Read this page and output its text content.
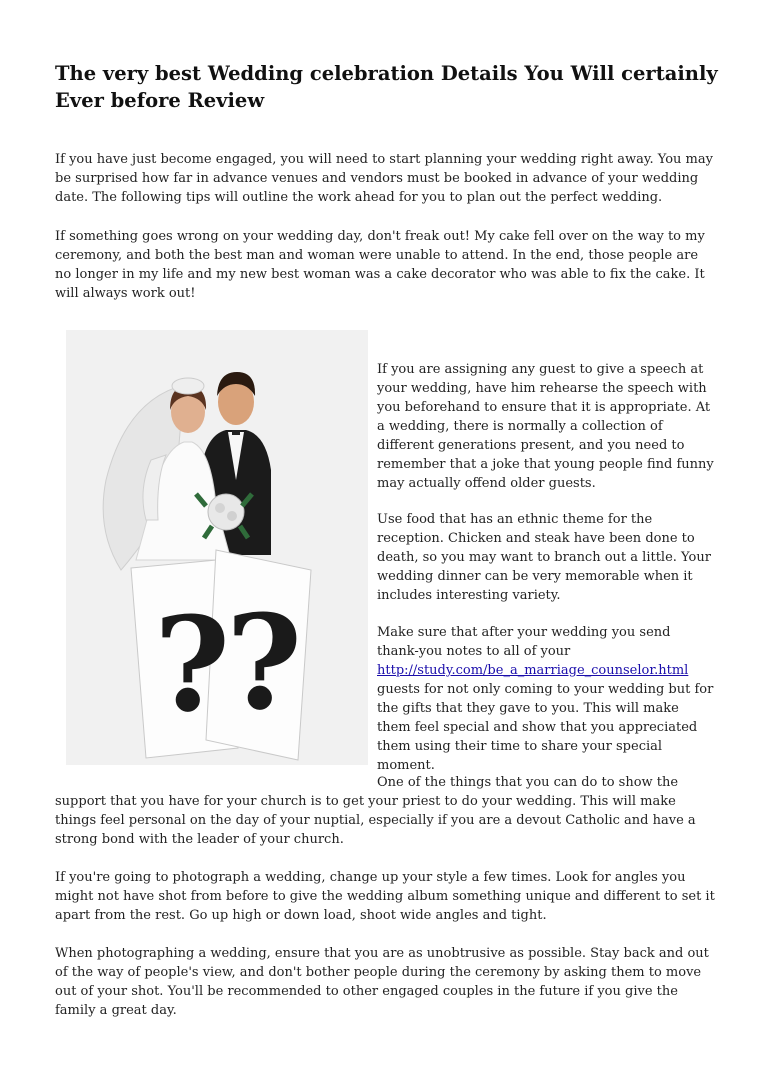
The very best Wedding celebration Details You Will certainly Ever before Review

If you have just become engaged, you will need to start planning your wedding right away. You may be surprised how far in advance venues and vendors must be booked in advance of your wedding date. The following tips will outline the work ahead for you to plan out the perfect wedding.

If something goes wrong on your wedding day, don't freak out! My cake fell over on the way to my ceremony, and both the best man and woman were unable to attend. In the end, those people are no longer in my life and my new best woman was a cake decorator who was able to fix the cake. It will always work out!

?
?

If you are assigning any guest to give a speech at your wedding, have him rehearse the speech with you beforehand to ensure that it is appropriate. At a wedding, there is normally a collection of different generations present, and you need to remember that a joke that young people find funny may actually offend older guests.

Use food that has an ethnic theme for the reception. Chicken and steak have been done to death, so you may want to branch out a little. Your wedding dinner can be very memorable when it includes interesting variety.

Make sure that after your wedding you send thank-you notes to all of your http://study.com/be_a_marriage_counselor.html guests for not only coming to your wedding but for the gifts that they gave to you. This will make them feel special and show that you appreciated them using their time to share your special moment.

One of the things that you can do to show the

support that you have for your church is to get your priest to do your wedding. This will make things feel personal on the day of your nuptial, especially if you are a devout Catholic and have a strong bond with the leader of your church.

If you're going to photograph a wedding, change up your style a few times. Look for angles you might not have shot from before to give the wedding album something unique and different to set it apart from the rest. Go up high or down load, shoot wide angles and tight.

When photographing a wedding, ensure that you are as unobtrusive as possible. Stay back and out of the way of people's view, and don't bother people during the ceremony by asking them to move out of your shot. You'll be recommended to other engaged couples in the future if you give the family a great day.
